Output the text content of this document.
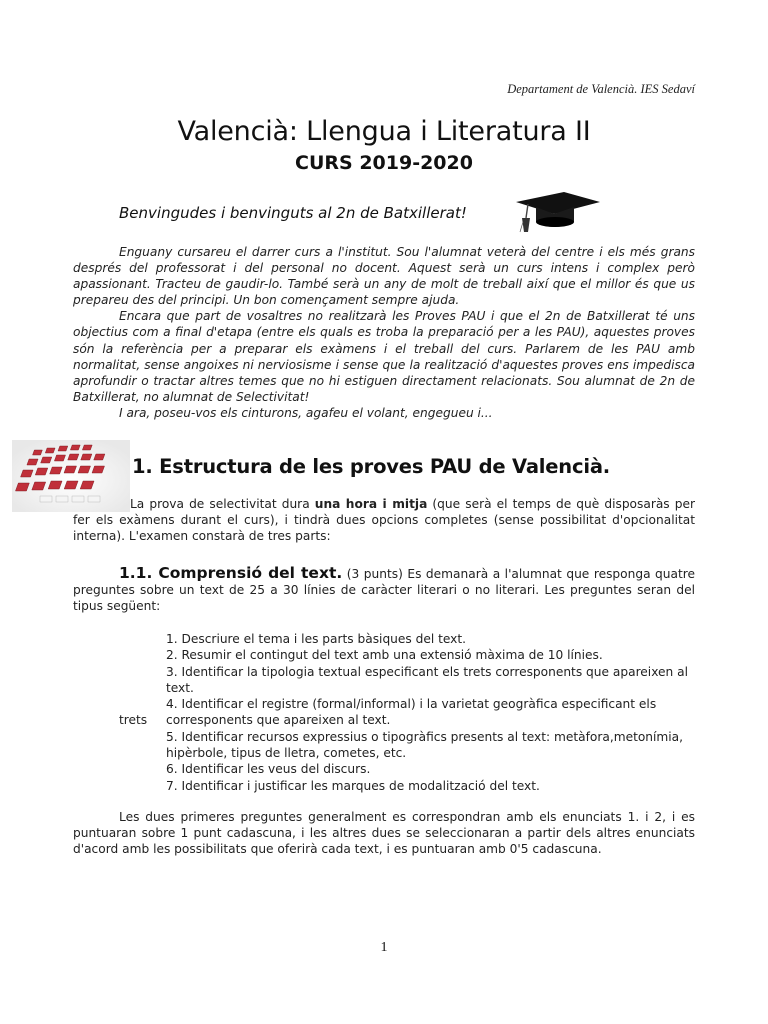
Departament de Valencià. IES Sedaví
Valencià: Llengua i Literatura II
CURS 2019-2020
Benvingudes i benvinguts al 2n de Batxillerat!

Enguany cursareu el darrer curs a l'institut. Sou l'alumnat veterà del centre i els més grans després del professorat i del personal no docent. Aquest serà un curs intens i complex però apassionant. Tracteu de gaudir-lo. També serà un any de molt de treball així que el millor és que us prepareu des del principi. Un bon començament sempre ajuda.

Encara que part de vosaltres no realitzarà les Proves PAU i que el 2n de Batxillerat té uns objectius com a final d'etapa (entre els quals es troba la preparació per a les PAU), aquestes proves són la referència per a preparar els exàmens i el treball del curs. Parlarem de les PAU amb normalitat, sense angoixes ni nerviosisme i sense que la realització d'aquestes proves ens impedisca aprofundir o tractar altres temes que no hi estiguen directament relacionats. Sou alumnat de 2n de Batxillerat, no alumnat de Selectivitat!

I ara, poseu-vos els cinturons, agafeu el volant, engegueu i...

1. Estructura de les proves PAU de Valencià.
La prova de selectivitat dura una hora i mitja (que serà el temps de què disposaràs per fer els exàmens durant el curs), i tindrà dues opcions completes (sense possibilitat d'opcionalitat interna). L'examen constarà de tres parts:
1.1. Comprensió del text. (3 punts) Es demanarà a l'alumnat que responga quatre preguntes sobre un text de 25 a 30 línies de caràcter literari o no literari. Les preguntes seran del tipus següent:
1. Descriure el tema i les parts bàsiques del text.
2. Resumir el contingut del text amb una extensió màxima de 10 línies.
3. Identificar la tipologia textual especificant els trets corresponents que apareixen al text.
4. Identificar el registre (formal/informal) i la varietat geogràfica especificant els corresponents que apareixen al text.
5. Identificar recursos expressius o tipogràfics presents al text: metàfora,metonímia, hipèrbole, tipus de lletra, cometes, etc.
6. Identificar les veus del discurs.
7. Identificar i justificar les marques de modalització del text.
trets
Les dues primeres preguntes generalment es correspondran amb els enunciats 1. i 2, i es puntuaran sobre 1 punt cadascuna, i les altres dues se seleccionaran a partir dels altres enunciats d'acord amb les possibilitats que oferirà cada text, i es puntuaran amb 0'5 cadascuna.
1
